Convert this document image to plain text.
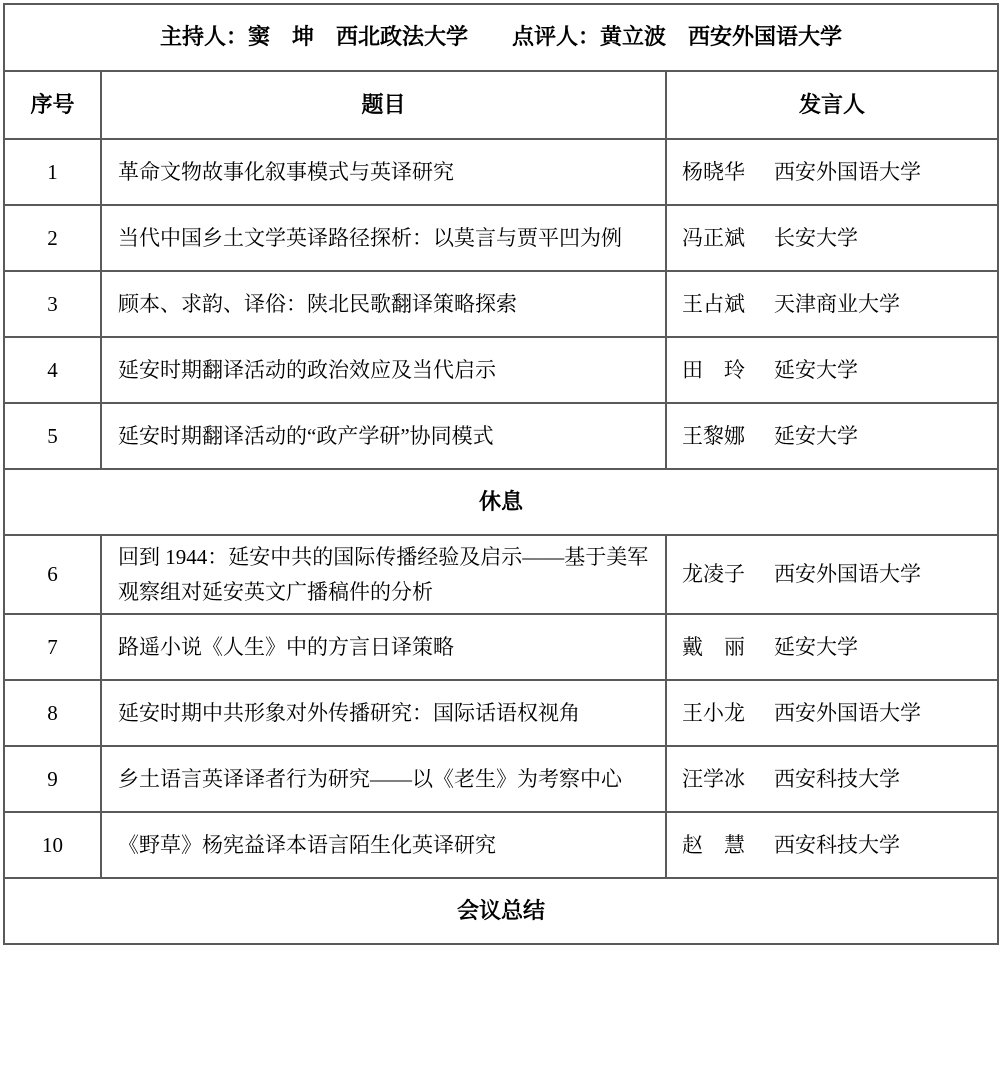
主持人：窦　坤　西北政法大学　　点评人：黄立波　西安外国语大学		
序号	题目	发言人
1	革命文物故事化叙事模式与英译研究	杨晓华 西安外国语大学
2	当代中国乡土文学英译路径探析：以莫言与贾平凹为例	冯正斌 长安大学
3	顾本、求韵、译俗：陕北民歌翻译策略探索	王占斌 天津商业大学
4	延安时期翻译活动的政治效应及当代启示	田　玲 延安大学
5	延安时期翻译活动的“政产学研”协同模式	王黎娜 延安大学
休息		
6	回到 1944：延安中共的国际传播经验及启示——基于美军观察组对延安英文广播稿件的分析	龙凌子 西安外国语大学
7	路遥小说《人生》中的方言日译策略	戴　丽 延安大学
8	延安时期中共形象对外传播研究：国际话语权视角	王小龙 西安外国语大学
9	乡土语言英译译者行为研究——以《老生》为考察中心	汪学冰 西安科技大学
10	《野草》杨宪益译本语言陌生化英译研究	赵　慧 西安科技大学
会议总结		
